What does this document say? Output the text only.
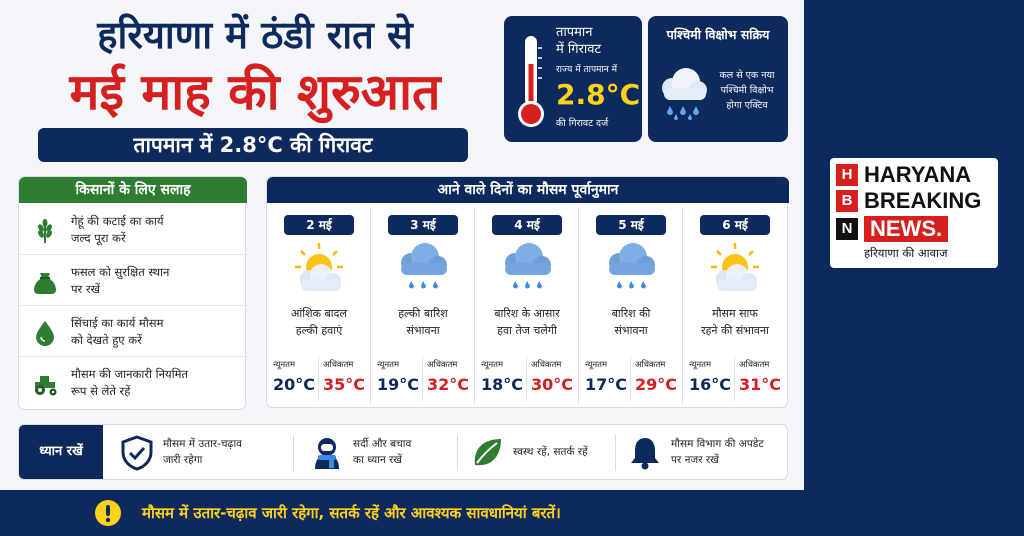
हरियाणा में ठंडी रात से
मई माह की शुरुआत
तापमान में 2.8°C की गिरावट
तापमान
में गिरावट
राज्य में तापमान में
2.8°C
की गिरावट दर्ज
पश्चिमी विक्षोभ सक्रिय
कल से एक नया
पश्चिमी विक्षोभ
होगा एक्टिव
किसानों के लिए सलाह
गेहूं की कटाई का कार्य
जल्द पूरा करें
फसल को सुरक्षित स्थान
पर रखें
सिंचाई का कार्य मौसम
को देखते हुए करें
मौसम की जानकारी नियमित
रूप से लेते रहें
आने वाले दिनों का मौसम पूर्वानुमान
2 मई
आंशिक बादल
हल्की हवाएं
न्यूनतम	अधिकतम
20°C 35°C
3 मई
हल्की बारिश
संभावना
न्यूनतम	अधिकतम
19°C 32°C
4 मई
बारिश के आसार
हवा तेज चलेगी
न्यूनतम	अधिकतम
18°C 30°C
5 मई
बारिश की
संभावना
न्यूनतम	अधिकतम
17°C 29°C
6 मई
मौसम साफ
रहने की संभावना
न्यूनतम	अधिकतम
16°C 31°C
ध्यान रखें	मौसम में उतार-चढ़ाव
जारी रहेगा
सर्दी और बचाव
का ध्यान रखें
स्वस्थ रहें, सतर्क रहें
मौसम विभाग की अपडेट
पर नजर रखें
मौसम में उतार-चढ़ाव जारी रहेगा, सतर्क रहें और आवश्यक सावधानियां बरतें।
H
B
N
HARYANA
BREAKING
NEWS.
हरियाणा की आवाज
